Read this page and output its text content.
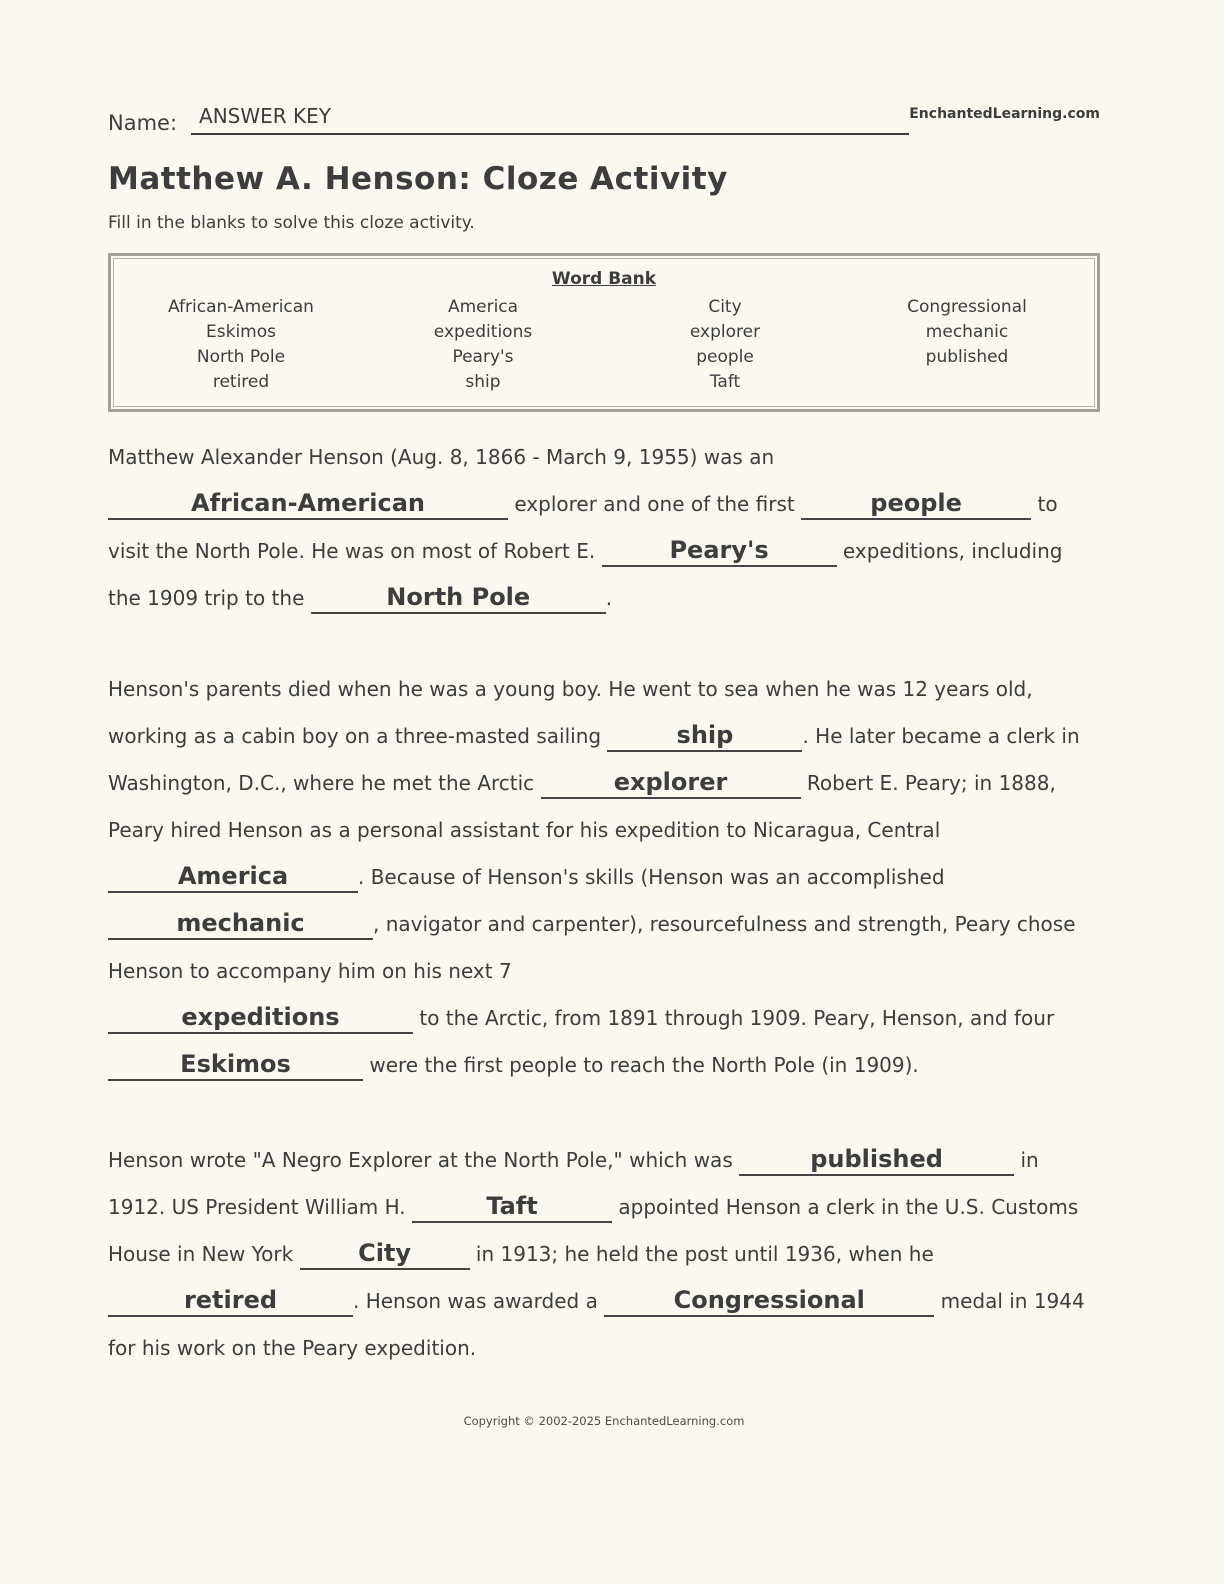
Name:	ANSWER KEY	EnchantedLearning.com
Matthew A. Henson: Cloze Activity
Fill in the blanks to solve this cloze activity.
Word Bank
African-American	America	City	Congressional
Eskimos	expeditions	explorer	mechanic
North Pole	Peary's	people	published
retired	ship	Taft
Matthew Alexander Henson (Aug. 8, 1866 - March 9, 1955) was an African-American	explorer and one of the first	people	to visit the North Pole. He was on most of Robert E.	Peary's	expeditions, including the 1909 trip to the	North Pole	.
Henson's parents died when he was a young boy. He went to sea when he was 12 years old, working as a cabin boy on a three-masted sailing	ship	. He later became a clerk in Washington, D.C., where he met the Arctic	explorer	Robert E. Peary; in 1888, Peary hired Henson as a personal assistant for his expedition to Nicaragua, Central America	. Because of Henson's skills (Henson was an accomplished mechanic	, navigator and carpenter), resourcefulness and strength, Peary chose Henson to accompany him on his next 7
expeditions	to the Arctic, from 1891 through 1909. Peary, Henson, and four Eskimos	were the first people to reach the North Pole (in 1909).
Henson wrote "A Negro Explorer at the North Pole," which was	published	in 1912. US President William H.	Taft	appointed Henson a clerk in the U.S. Customs House in New York City	in 1913; he held the post until 1936, when he retired	. Henson was awarded a	Congressional	medal in 1944 for his work on the Peary expedition.
Copyright © 2002-2025 EnchantedLearning.com
